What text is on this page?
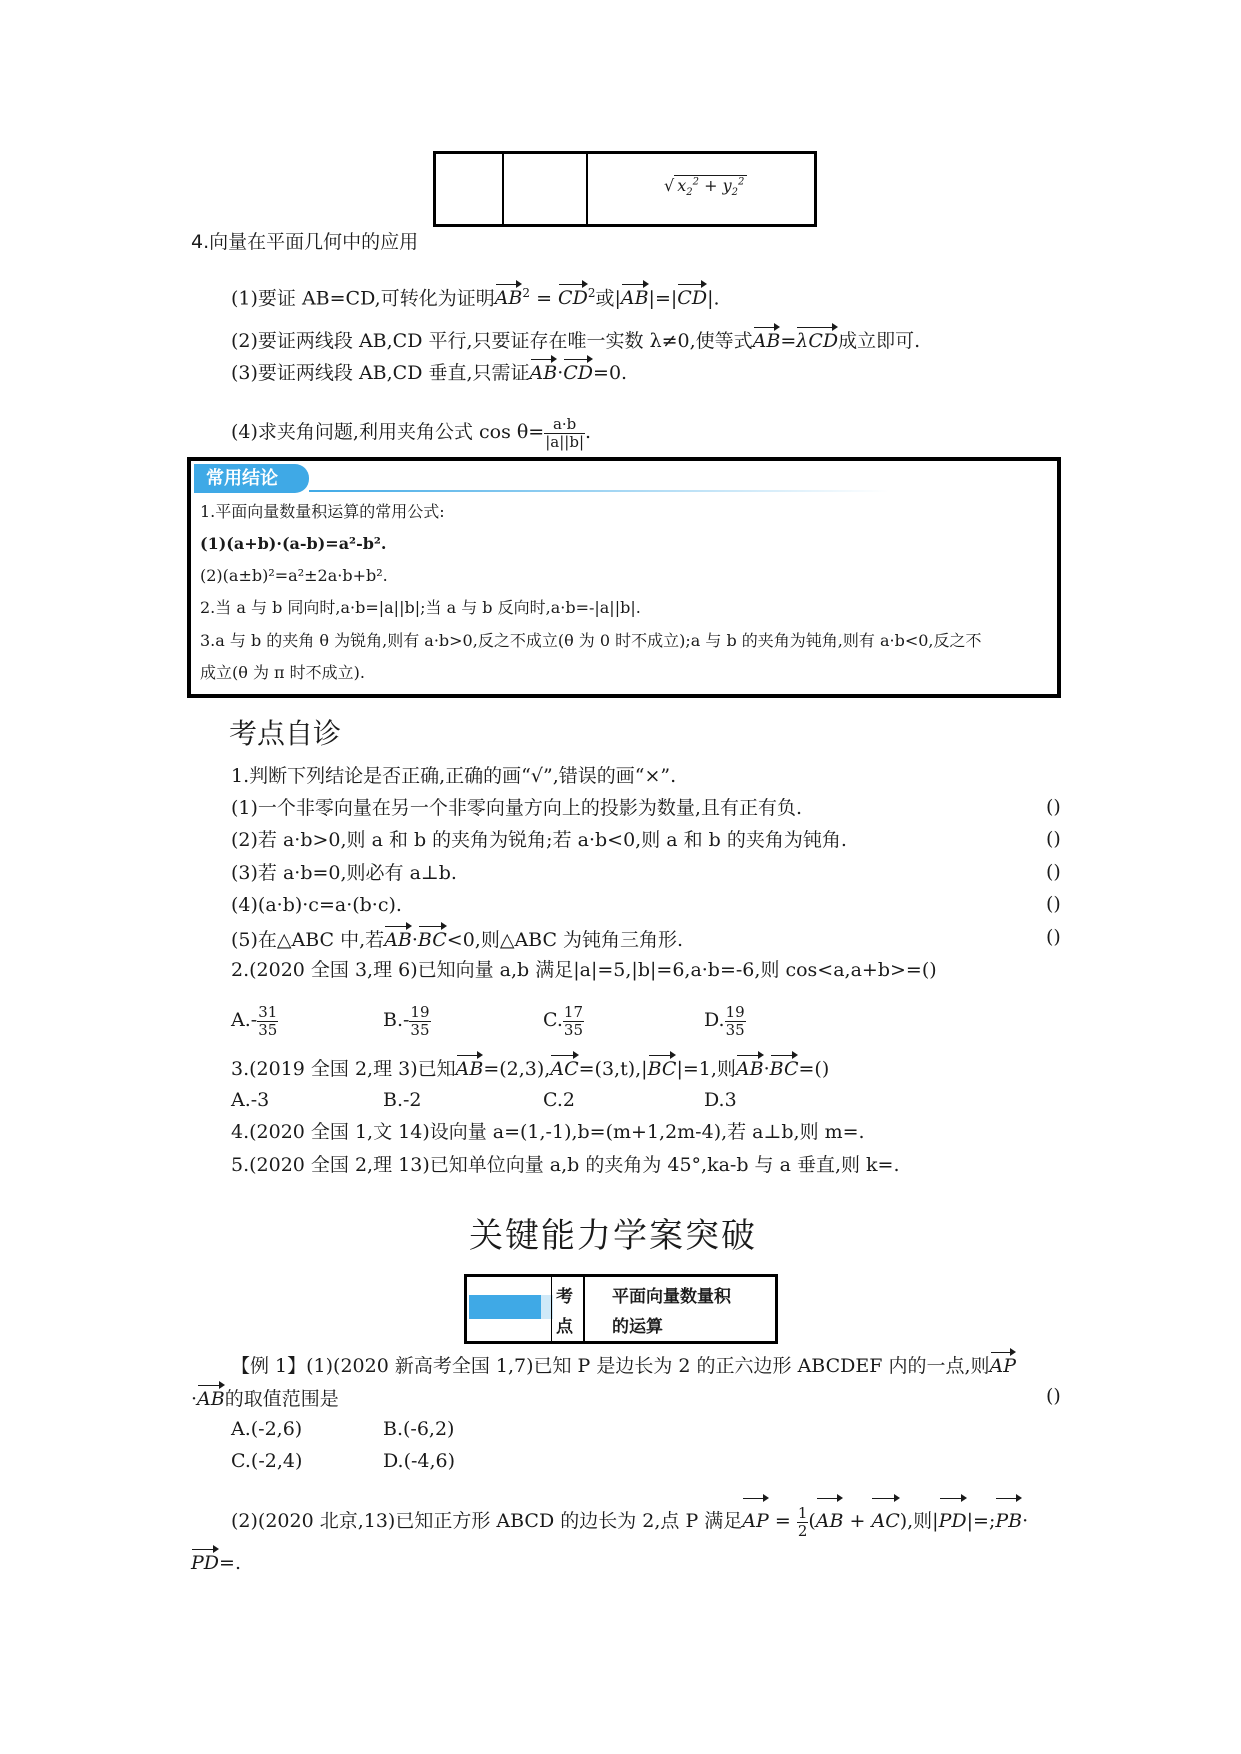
√ $x_2^2 + y_2^2$
4.向量在平面几何中的应用
(1)要证 AB=CD,可转化为证明$AB^2 = CD^2$或|AB|=|CD|.
(2)要证两线段 AB,CD 平行,只要证存在唯一实数 λ≠0,使等式AB=λCD成立即可.
(3)要证两线段 AB,CD 垂直,只需证AB·CD=0.
(4)求夹角问题,利用夹角公式 $\cos \theta= \frac{a\cdot b}{|a||b|}$ .
常用结论
1.平面向量数量积运算的常用公式:
(1)(a+b)·(a-b)=a²-b².
(2)(a±b)²=a²±2a·b+b².
2.当 a 与 b 同向时,a·b=|a||b|;当 a 与 b 反向时,a·b=-|a||b|.
3.a 与 b 的夹角 θ 为锐角,则有 a·b>0,反之不成立(θ 为 0 时不成立);a 与 b 的夹角为钝角,则有 a·b<0,反之不
成立(θ 为 π 时不成立).
考点自诊
1.判断下列结论是否正确,正确的画“√”,错误的画“×”.
(1)一个非零向量在另一个非零向量方向上的投影为数量,且有正有负.	()
(2)若 a·b>0,则 a 和 b 的夹角为锐角;若 a·b<0,则 a 和 b 的夹角为钝角.	()
(3)若 a·b=0,则必有 a⊥b.	()
(4)(a·b)·c=a·(b·c).	()
(5)在△ABC 中,若AB·BC<0,则△ABC 为钝角三角形.	()
2.(2020 全国 3,理 6)已知向量 a,b 满足|a|=5,|b|=6,a·b=-6,则 cos<a,a+b>=()
$A.- \frac{31}{35}$	$B.- \frac{19}{35}$	C. $\frac{17}{35}$	D. $\frac{19}{35}$
3.(2019 全国 2,理 3)已知AB=(2,3),AC=(3,t),|BC|=1,则AB·BC=()
A.-3	B.-2	C.2	D.3
4.(2020 全国 1,文 14)设向量 a=(1,-1),b=(m+1,2m-4),若 a⊥b,则 m=.
5.(2020 全国 2,理 13)已知单位向量 a,b 的夹角为 45°,ka-b 与 a 垂直,则 k=.
关键能力学案突破
考
点
平面向量数量积
的运算
【例 1】(1)(2020 新高考全国 1,7)已知 P 是边长为 2 的正六边形 ABCDEF 内的一点,则AP
·AB的取值范围是	()
A.(-2,6)	B.(-6,2)
C.(-2,4)	D.(-4,6)
(2)(2020 北京,13)已知正方形 ABCD 的边长为 2,点 P 满足AP = $\frac{1}{2} (AB + AC)$,则|PD|=;PB·
PD=.
